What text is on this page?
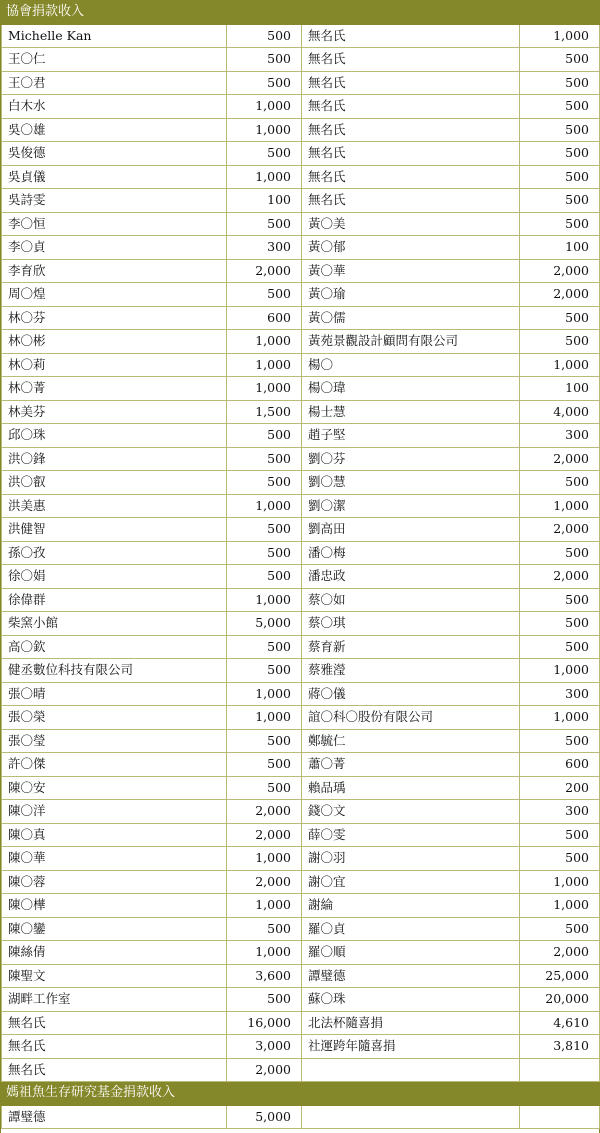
協會捐款收入			
Michelle Kan	500	無名氏	1,000
王〇仁	500	無名氏	500
王〇君	500	無名氏	500
白木水	1,000	無名氏	500
吳〇雄	1,000	無名氏	500
吳俊德	500	無名氏	500
吳貞儀	1,000	無名氏	500
吳詩雯	100	無名氏	500
李〇恒	500	黃〇美	500
李〇貞	300	黃〇郁	100
李育欣	2,000	黃〇華	2,000
周〇煌	500	黃〇瑜	2,000
林〇芬	600	黃〇儒	500
林〇彬	1,000	黃苑景觀設計顧問有限公司	500
林〇莉	1,000	楊〇	1,000
林〇菁	1,000	楊〇瑋	100
林美芬	1,500	楊士慧	4,000
邱〇珠	500	趙子堅	300
洪〇鋒	500	劉〇芬	2,000
洪〇叡	500	劉〇慧	500
洪美惠	1,000	劉〇潔	1,000
洪健智	500	劉高田	2,000
孫〇孜	500	潘〇梅	500
徐〇娟	500	潘忠政	2,000
徐偉群	1,000	蔡〇如	500
柴窯小館	5,000	蔡〇琪	500
高〇欽	500	蔡育新	500
健丞數位科技有限公司	500	蔡雅瀅	1,000
張〇晴	1,000	蔣〇儀	300
張〇榮	1,000	誼〇科〇股份有限公司	1,000
張〇瑩	500	鄭毓仁	500
許〇傑	500	蕭〇菁	600
陳〇安	500	賴品瑀	200
陳〇洋	2,000	錢〇文	300
陳〇真	2,000	薛〇雯	500
陳〇華	1,000	謝〇羽	500
陳〇蓉	2,000	謝〇宜	1,000
陳〇樺	1,000	謝綸	1,000
陳〇鑾	500	羅〇貞	500
陳絲倩	1,000	羅〇順	2,000
陳聖文	3,600	譚璧德	25,000
湖畔工作室	500	蘇〇珠	20,000
無名氏	16,000	北法杯隨喜捐	4,610
無名氏	3,000	社運跨年隨喜捐	3,810
無名氏	2,000		
媽祖魚生存研究基金捐款收入			
譚璧德	5,000		
